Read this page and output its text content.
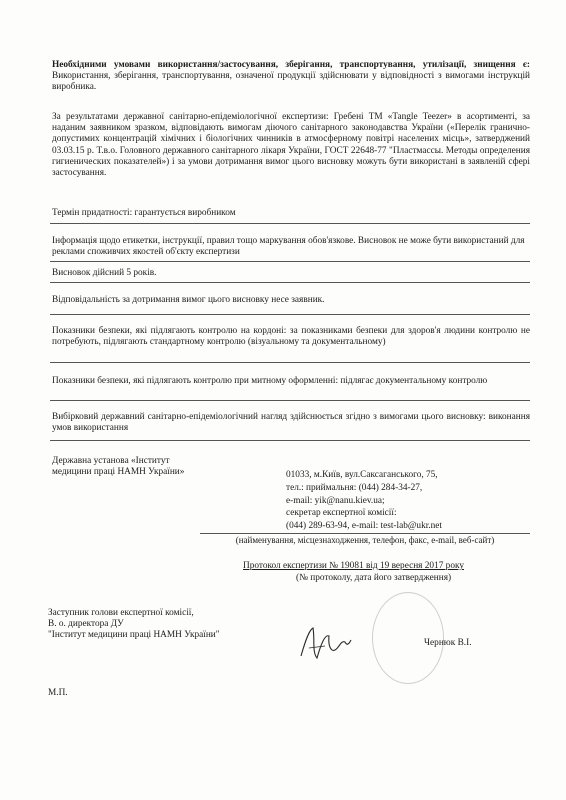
Необхідними умовами використання/застосування, зберігання, транспортування, утилізації, знищення є: Використання, зберігання, транспортування, означеної продукції здійснювати у відповідності з вимогами інструкцій виробника.
За результатами державної санітарно-епідеміологічної експертизи: Гребені ТМ «Tangle Teezer» в асортименті, за наданим заявником зразком, відповідають вимогам діючого санітарного законодавства України («Перелік гранично-допустимих концентрацій хімічних і біологічних чинників в атмосферному повітрі населених місць», затверджений 03.03.15 р. Т.в.о. Головного державного санітарного лікаря України, ГОСТ 22648-77 "Пластмассы. Методы определения гигиенических показателей») і за умови дотримання вимог цього висновку можуть бути використані в заявленій сфері застосування.
Термін придатності: гарантується виробником
Інформація щодо етикетки, інструкції, правил тощо маркування обов'язкове. Висновок не може бути використаний для реклами споживчих якостей об'єкту експертизи
Висновок дійсний 5 років.
Відповідальність за дотримання вимог цього висновку несе заявник.
Показники безпеки, які підлягають контролю на кордоні: за показниками безпеки для здоров'я людини контролю не потребують, підлягають стандартному контролю (візуальному та документальному)
Показники безпеки, які підлягають контролю при митному оформленні: підлягає документальному контролю
Вибірковий державний санітарно-епідеміологічний нагляд здійснюється згідно з вимогами цього висновку: виконання умов використання
Державна установа «Інститут
медицини праці НАМН України»	01033, м.Київ, вул.Саксаганського, 75,
тел.: приймальня: (044) 284-34-27,
e-mail: yik@nanu.kiev.ua;
секретар експертної комісії:
(044) 289-63-94, e-mail: test-lab@ukr.net
(найменування, місцезнаходження, телефон, факс, e-mail, веб-сайт)
Протокол експертизи № 19081 від 19 вересня 2017 року
(№ протоколу, дата його затвердження)
Заступник голови експертної комісії,
В. о. директора ДУ
"Інститут медицини праці НАМН України"
Чернюк В.І.
М.П.
